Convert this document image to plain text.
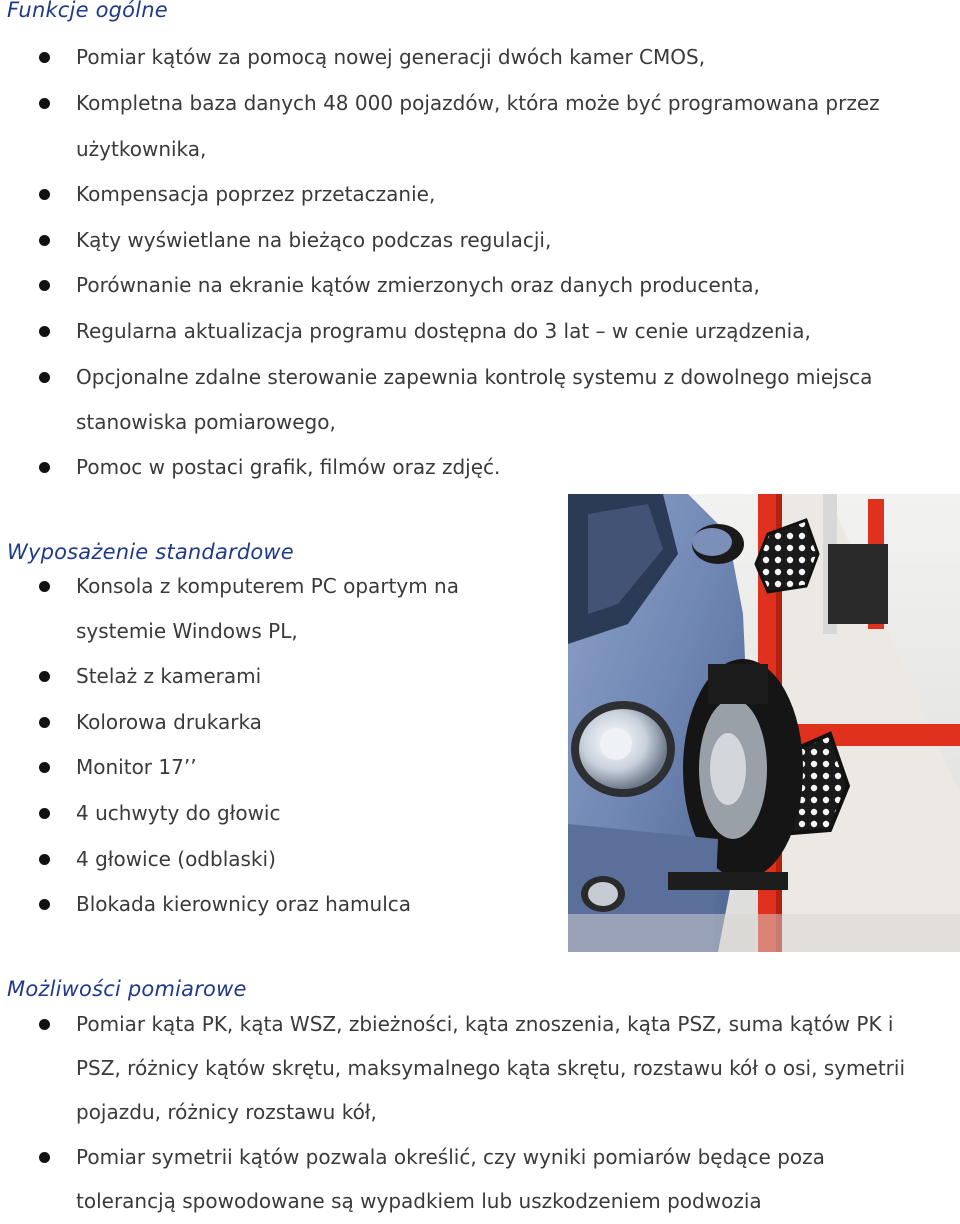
Funkcje ogólne
Pomiar kątów za pomocą nowej generacji dwóch kamer CMOS,
Kompletna baza danych 48 000 pojazdów, która może być programowana przez
użytkownika,
Kompensacja poprzez przetaczanie,
Kąty wyświetlane na bieżąco podczas regulacji,
Porównanie na ekranie kątów zmierzonych oraz danych producenta,
Regularna aktualizacja programu dostępna do 3 lat – w cenie urządzenia,
Opcjonalne zdalne sterowanie zapewnia kontrolę systemu z dowolnego miejsca
stanowiska pomiarowego,
Pomoc w postaci grafik, filmów oraz zdjęć.
Wyposażenie standardowe
Konsola z komputerem PC opartym na
systemie Windows PL,
Stelaż z kamerami
Kolorowa drukarka
Monitor 17’’
4 uchwyty do głowic
4 głowice (odblaski)
Blokada kierownicy oraz hamulca
Możliwości pomiarowe
Pomiar kąta PK, kąta WSZ, zbieżności, kąta znoszenia, kąta PSZ, suma kątów PK i
PSZ, różnicy kątów skrętu, maksymalnego kąta skrętu, rozstawu kół o osi, symetrii
pojazdu, różnicy rozstawu kół,
Pomiar symetrii kątów pozwala określić, czy wyniki pomiarów będące poza
tolerancją spowodowane są wypadkiem lub uszkodzeniem podwozia
